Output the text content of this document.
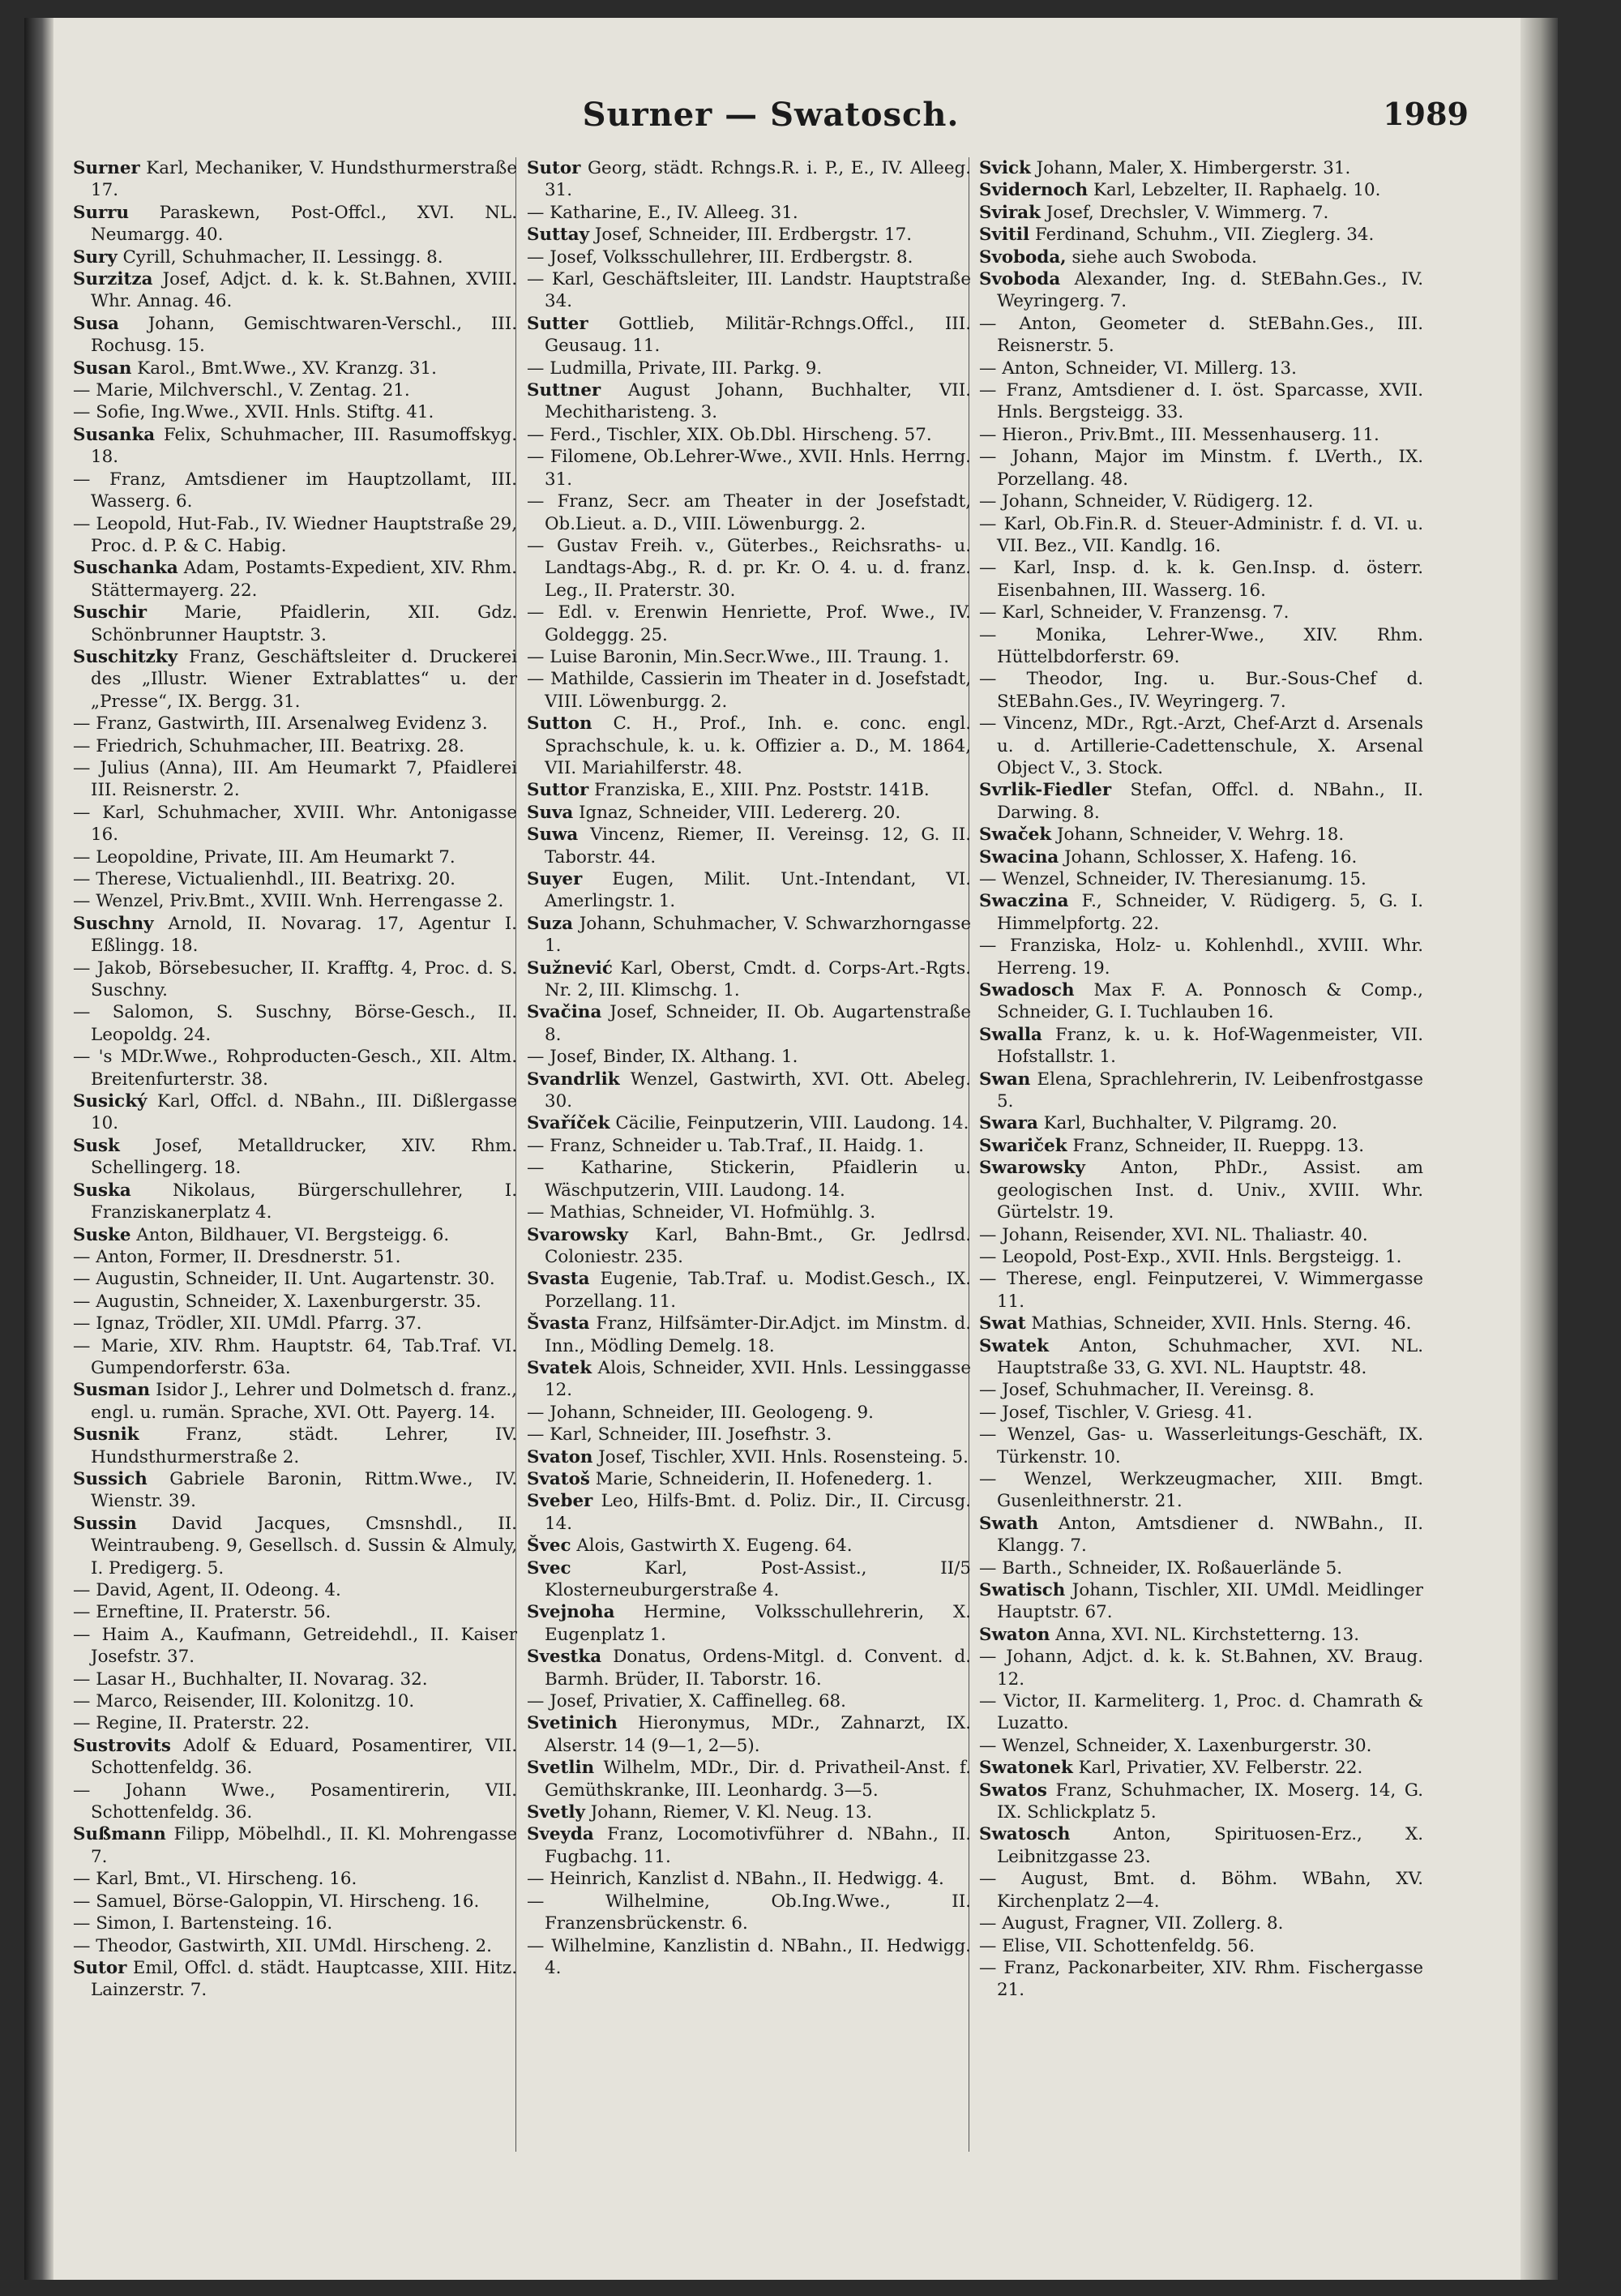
Surner — Swatosch.	1989

Surner Karl, Mechaniker, V. Hundsthurmerstraße 17.

Surru Paraskewn, Post-Offcl., XVI. NL. Neumargg. 40.

Sury Cyrill, Schuhmacher, II. Lessingg. 8.

Surzitza Josef, Adjct. d. k. k. St.Bahnen, XVIII. Whr. Annag. 46.

Susa Johann, Gemischtwaren-Verschl., III. Rochusg. 15.

Susan Karol., Bmt.Wwe., XV. Kranzg. 31.

— Marie, Milchverschl., V. Zentag. 21.

— Sofie, Ing.Wwe., XVII. Hnls. Stiftg. 41.

Susanka Felix, Schuhmacher, III. Rasumoffskyg. 18.

— Franz, Amtsdiener im Hauptzollamt, III. Wasserg. 6.

— Leopold, Hut-Fab., IV. Wiedner Hauptstraße 29, Proc. d. P. & C. Habig.

Suschanka Adam, Postamts-Expedient, XIV. Rhm. Stättermayerg. 22.

Suschir Marie, Pfaidlerin, XII. Gdz. Schönbrunner Hauptstr. 3.

Suschitzky Franz, Geschäftsleiter d. Druckerei des „Illustr. Wiener Extrablattes“ u. der „Presse“, IX. Bergg. 31.

— Franz, Gastwirth, III. Arsenalweg Evidenz 3.

— Friedrich, Schuhmacher, III. Beatrixg. 28.

— Julius (Anna), III. Am Heumarkt 7, Pfaidlerei III. Reisnerstr. 2.

— Karl, Schuhmacher, XVIII. Whr. Antonigasse 16.

— Leopoldine, Private, III. Am Heumarkt 7.

— Therese, Victualienhdl., III. Beatrixg. 20.

— Wenzel, Priv.Bmt., XVIII. Wnh. Herrengasse 2.

Suschny Arnold, II. Novarag. 17, Agentur I. Eßlingg. 18.

— Jakob, Börsebesucher, II. Krafftg. 4, Proc. d. S. Suschny.

— Salomon, S. Suschny, Börse-Gesch., II. Leopoldg. 24.

— 's MDr.Wwe., Rohproducten-Gesch., XII. Altm. Breitenfurterstr. 38.

Susický Karl, Offcl. d. NBahn., III. Dißlergasse 10.

Susk Josef, Metalldrucker, XIV. Rhm. Schellingerg. 18.

Suska Nikolaus, Bürgerschullehrer, I. Franziskanerplatz 4.

Suske Anton, Bildhauer, VI. Bergsteigg. 6.

— Anton, Former, II. Dresdnerstr. 51.

— Augustin, Schneider, II. Unt. Augartenstr. 30.

— Augustin, Schneider, X. Laxenburgerstr. 35.

— Ignaz, Trödler, XII. UMdl. Pfarrg. 37.

— Marie, XIV. Rhm. Hauptstr. 64, Tab.Traf. VI. Gumpendorferstr. 63a.

Susman Isidor J., Lehrer und Dolmetsch d. franz., engl. u. rumän. Sprache, XVI. Ott. Payerg. 14.

Susnik Franz, städt. Lehrer, IV. Hundsthurmerstraße 2.

Sussich Gabriele Baronin, Rittm.Wwe., IV. Wienstr. 39.

Sussin David Jacques, Cmsnshdl., II. Weintraubeng. 9, Gesellsch. d. Sussin & Almuly, I. Predigerg. 5.

— David, Agent, II. Odeong. 4.

— Erneftine, II. Praterstr. 56.

— Haim A., Kaufmann, Getreidehdl., II. Kaiser Josefstr. 37.

— Lasar H., Buchhalter, II. Novarag. 32.

— Marco, Reisender, III. Kolonitzg. 10.

— Regine, II. Praterstr. 22.

Sustrovits Adolf & Eduard, Posamentirer, VII. Schottenfeldg. 36.

— Johann Wwe., Posamentirerin, VII. Schottenfeldg. 36.

Sußmann Filipp, Möbelhdl., II. Kl. Mohrengasse 7.

— Karl, Bmt., VI. Hirscheng. 16.

— Samuel, Börse-Galoppin, VI. Hirscheng. 16.

— Simon, I. Bartensteing. 16.

— Theodor, Gastwirth, XII. UMdl. Hirscheng. 2.

Sutor Emil, Offcl. d. städt. Hauptcasse, XIII. Hitz. Lainzerstr. 7.

Sutor Georg, städt. Rchngs.R. i. P., E., IV. Alleeg. 31.

— Katharine, E., IV. Alleeg. 31.

Suttay Josef, Schneider, III. Erdbergstr. 17.

— Josef, Volksschullehrer, III. Erdbergstr. 8.

— Karl, Geschäftsleiter, III. Landstr. Hauptstraße 34.

Sutter Gottlieb, Militär-Rchngs.Offcl., III. Geusaug. 11.

— Ludmilla, Private, III. Parkg. 9.

Suttner August Johann, Buchhalter, VII. Mechitharisteng. 3.

— Ferd., Tischler, XIX. Ob.Dbl. Hirscheng. 57.

— Filomene, Ob.Lehrer-Wwe., XVII. Hnls. Herrng. 31.

— Franz, Secr. am Theater in der Josefstadt, Ob.Lieut. a. D., VIII. Löwenburgg. 2.

— Gustav Freih. v., Güterbes., Reichsraths- u. Landtags-Abg., R. d. pr. Kr. O. 4. u. d. franz. Leg., II. Praterstr. 30.

— Edl. v. Erenwin Henriette, Prof. Wwe., IV. Goldeggg. 25.

— Luise Baronin, Min.Secr.Wwe., III. Traung. 1.

— Mathilde, Cassierin im Theater in d. Josefstadt, VIII. Löwenburgg. 2.

Sutton C. H., Prof., Inh. e. conc. engl. Sprachschule, k. u. k. Offizier a. D., M. 1864, VII. Mariahilferstr. 48.

Suttor Franziska, E., XIII. Pnz. Poststr. 141B.

Suva Ignaz, Schneider, VIII. Ledererg. 20.

Suwa Vincenz, Riemer, II. Vereinsg. 12, G. II. Taborstr. 44.

Suyer Eugen, Milit. Unt.-Intendant, VI. Amerlingstr. 1.

Suza Johann, Schuhmacher, V. Schwarzhorngasse 1.

Sužnević Karl, Oberst, Cmdt. d. Corps-Art.-Rgts. Nr. 2, III. Klimschg. 1.

Svačina Josef, Schneider, II. Ob. Augartenstraße 8.

— Josef, Binder, IX. Althang. 1.

Svandrlik Wenzel, Gastwirth, XVI. Ott. Abeleg. 30.

Svaříček Cäcilie, Feinputzerin, VIII. Laudong. 14.

— Franz, Schneider u. Tab.Traf., II. Haidg. 1.

— Katharine, Stickerin, Pfaidlerin u. Wäschputzerin, VIII. Laudong. 14.

— Mathias, Schneider, VI. Hofmühlg. 3.

Svarowsky Karl, Bahn-Bmt., Gr. Jedlrsd. Coloniestr. 235.

Svasta Eugenie, Tab.Traf. u. Modist.Gesch., IX. Porzellang. 11.

Švasta Franz, Hilfsämter-Dir.Adjct. im Minstm. d. Inn., Mödling Demelg. 18.

Svatek Alois, Schneider, XVII. Hnls. Lessinggasse 12.

— Johann, Schneider, III. Geologeng. 9.

— Karl, Schneider, III. Josefhstr. 3.

Svaton Josef, Tischler, XVII. Hnls. Rosensteing. 5.

Svatoš Marie, Schneiderin, II. Hofenederg. 1.

Sveber Leo, Hilfs-Bmt. d. Poliz. Dir., II. Circusg. 14.

Švec Alois, Gastwirth X. Eugeng. 64.

Svec Karl, Post-Assist., II/5 Klosterneuburgerstraße 4.

Svejnoha Hermine, Volksschullehrerin, X. Eugenplatz 1.

Svestka Donatus, Ordens-Mitgl. d. Convent. d. Barmh. Brüder, II. Taborstr. 16.

— Josef, Privatier, X. Caffinelleg. 68.

Svetinich Hieronymus, MDr., Zahnarzt, IX. Alserstr. 14 (9—1, 2—5).

Svetlin Wilhelm, MDr., Dir. d. Privatheil-Anst. f. Gemüthskranke, III. Leonhardg. 3—5.

Svetly Johann, Riemer, V. Kl. Neug. 13.

Sveyda Franz, Locomotivführer d. NBahn., II. Fugbachg. 11.

— Heinrich, Kanzlist d. NBahn., II. Hedwigg. 4.

— Wilhelmine, Ob.Ing.Wwe., II. Franzensbrückenstr. 6.

— Wilhelmine, Kanzlistin d. NBahn., II. Hedwigg. 4.

Svick Johann, Maler, X. Himbergerstr. 31.

Svidernoch Karl, Lebzelter, II. Raphaelg. 10.

Svirak Josef, Drechsler, V. Wimmerg. 7.

Svitil Ferdinand, Schuhm., VII. Zieglerg. 34.

Svoboda, siehe auch Swoboda.

Svoboda Alexander, Ing. d. StEBahn.Ges., IV. Weyringerg. 7.

— Anton, Geometer d. StEBahn.Ges., III. Reisnerstr. 5.

— Anton, Schneider, VI. Millerg. 13.

— Franz, Amtsdiener d. I. öst. Sparcasse, XVII. Hnls. Bergsteigg. 33.

— Hieron., Priv.Bmt., III. Messenhauserg. 11.

— Johann, Major im Minstm. f. LVerth., IX. Porzellang. 48.

— Johann, Schneider, V. Rüdigerg. 12.

— Karl, Ob.Fin.R. d. Steuer-Administr. f. d. VI. u. VII. Bez., VII. Kandlg. 16.

— Karl, Insp. d. k. k. Gen.Insp. d. österr. Eisenbahnen, III. Wasserg. 16.

— Karl, Schneider, V. Franzensg. 7.

— Monika, Lehrer-Wwe., XIV. Rhm. Hüttelbdorferstr. 69.

— Theodor, Ing. u. Bur.-Sous-Chef d. StEBahn.Ges., IV. Weyringerg. 7.

— Vincenz, MDr., Rgt.-Arzt, Chef-Arzt d. Arsenals u. d. Artillerie-Cadettenschule, X. Arsenal Object V., 3. Stock.

Svrlik-Fiedler Stefan, Offcl. d. NBahn., II. Darwing. 8.

Swaček Johann, Schneider, V. Wehrg. 18.

Swacina Johann, Schlosser, X. Hafeng. 16.

— Wenzel, Schneider, IV. Theresianumg. 15.

Swaczina F., Schneider, V. Rüdigerg. 5, G. I. Himmelpfortg. 22.

— Franziska, Holz- u. Kohlenhdl., XVIII. Whr. Herreng. 19.

Swadosch Max F. A. Ponnosch & Comp., Schneider, G. I. Tuchlauben 16.

Swalla Franz, k. u. k. Hof-Wagenmeister, VII. Hofstallstr. 1.

Swan Elena, Sprachlehrerin, IV. Leibenfrostgasse 5.

Swara Karl, Buchhalter, V. Pilgramg. 20.

Swariček Franz, Schneider, II. Rueppg. 13.

Swarowsky Anton, PhDr., Assist. am geologischen Inst. d. Univ., XVIII. Whr. Gürtelstr. 19.

— Johann, Reisender, XVI. NL. Thaliastr. 40.

— Leopold, Post-Exp., XVII. Hnls. Bergsteigg. 1.

— Therese, engl. Feinputzerei, V. Wimmergasse 11.

Swat Mathias, Schneider, XVII. Hnls. Sterng. 46.

Swatek Anton, Schuhmacher, XVI. NL. Hauptstraße 33, G. XVI. NL. Hauptstr. 48.

— Josef, Schuhmacher, II. Vereinsg. 8.

— Josef, Tischler, V. Griesg. 41.

— Wenzel, Gas- u. Wasserleitungs-Geschäft, IX. Türkenstr. 10.

— Wenzel, Werkzeugmacher, XIII. Bmgt. Gusenleithnerstr. 21.

Swath Anton, Amtsdiener d. NWBahn., II. Klangg. 7.

— Barth., Schneider, IX. Roßauerlände 5.

Swatisch Johann, Tischler, XII. UMdl. Meidlinger Hauptstr. 67.

Swaton Anna, XVI. NL. Kirchstetterng. 13.

— Johann, Adjct. d. k. k. St.Bahnen, XV. Braug. 12.

— Victor, II. Karmeliterg. 1, Proc. d. Chamrath & Luzatto.

— Wenzel, Schneider, X. Laxenburgerstr. 30.

Swatonek Karl, Privatier, XV. Felberstr. 22.

Swatos Franz, Schuhmacher, IX. Moserg. 14, G. IX. Schlickplatz 5.

Swatosch Anton, Spirituosen-Erz., X. Leibnitzgasse 23.

— August, Bmt. d. Böhm. WBahn, XV. Kirchenplatz 2—4.

— August, Fragner, VII. Zollerg. 8.

— Elise, VII. Schottenfeldg. 56.

— Franz, Packonarbeiter, XIV. Rhm. Fischergasse 21.
